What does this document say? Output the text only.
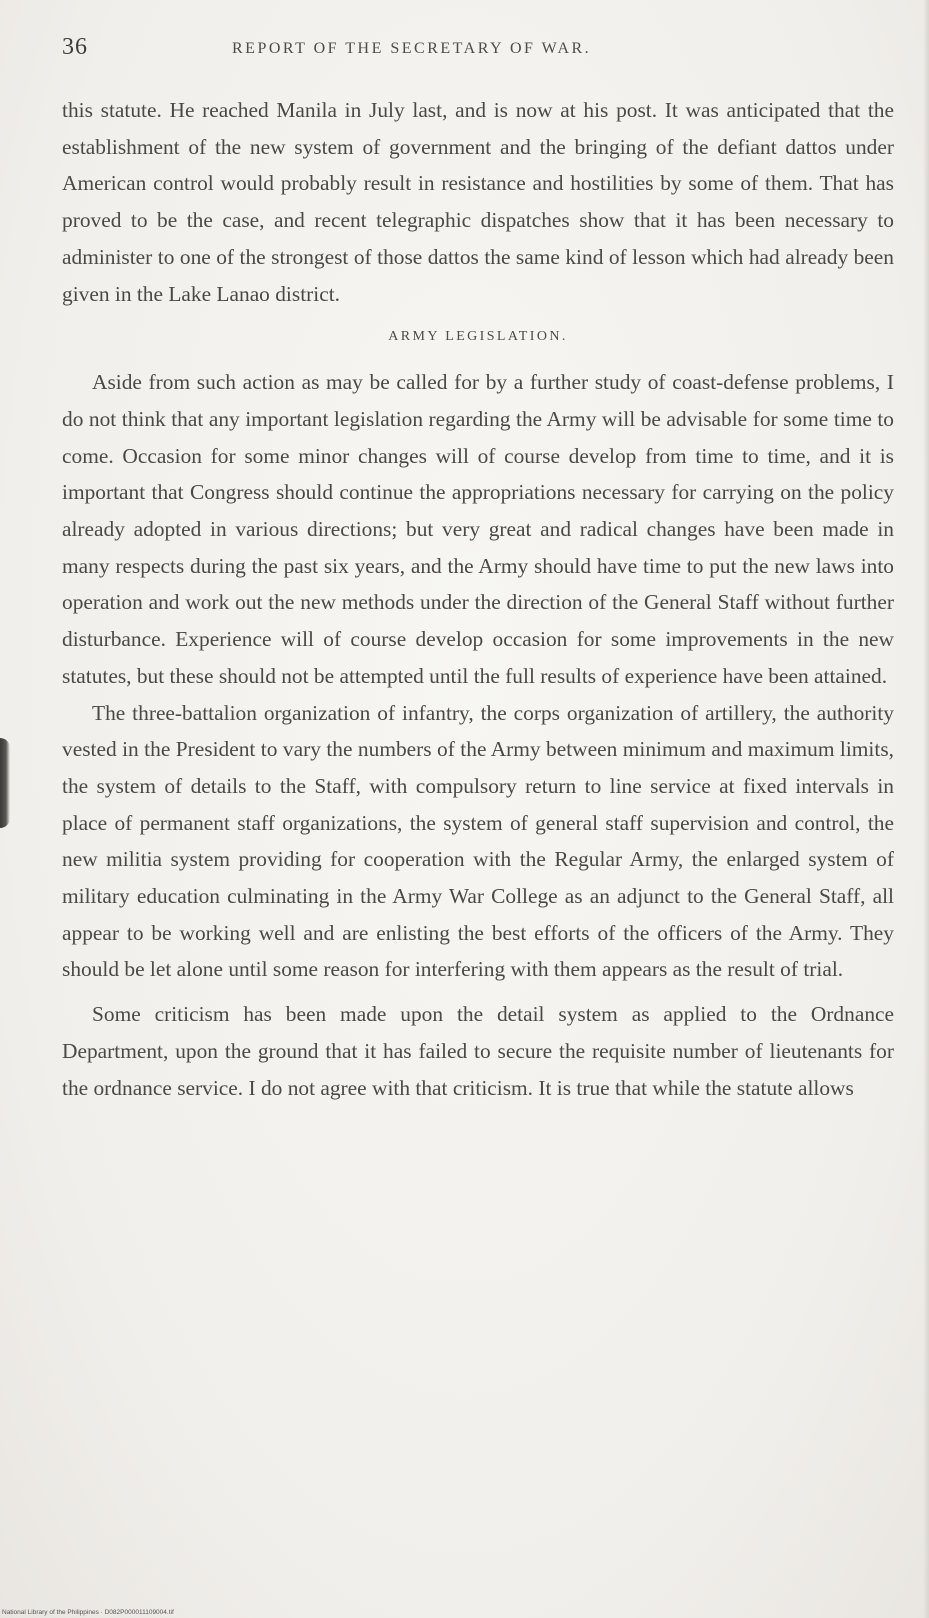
36	REPORT OF THE SECRETARY OF WAR.

this statute. He reached Manila in July last, and is now at his post. It was anticipated that the establishment of the new system of government and the bringing of the defiant dattos under American control would probably result in resistance and hostilities by some of them. That has proved to be the case, and recent telegraphic dispatches show that it has been necessary to administer to one of the strongest of those dattos the same kind of lesson which had already been given in the Lake Lanao district.

ARMY LEGISLATION.

Aside from such action as may be called for by a further study of coast-defense problems, I do not think that any important legislation regarding the Army will be advisable for some time to come. Occasion for some minor changes will of course develop from time to time, and it is important that Congress should continue the appropriations necessary for carrying on the policy already adopted in various directions; but very great and radical changes have been made in many respects during the past six years, and the Army should have time to put the new laws into operation and work out the new methods under the direction of the General Staff without further disturbance. Experience will of course develop occasion for some improvements in the new statutes, but these should not be attempted until the full results of experience have been attained.

The three-battalion organization of infantry, the corps organization of artillery, the authority vested in the President to vary the numbers of the Army between minimum and maximum limits, the system of details to the Staff, with compulsory return to line service at fixed intervals in place of permanent staff organizations, the system of general staff supervision and control, the new militia system providing for cooperation with the Regular Army, the enlarged system of military education culminating in the Army War College as an adjunct to the General Staff, all appear to be working well and are enlisting the best efforts of the officers of the Army. They should be let alone until some reason for interfering with them appears as the result of trial.

Some criticism has been made upon the detail system as applied to the Ordnance Department, upon the ground that it has failed to secure the requisite number of lieutenants for the ordnance service. I do not agree with that criticism. It is true that while the statute allows

National Library of the Philippines · D082P000011109004.tif
